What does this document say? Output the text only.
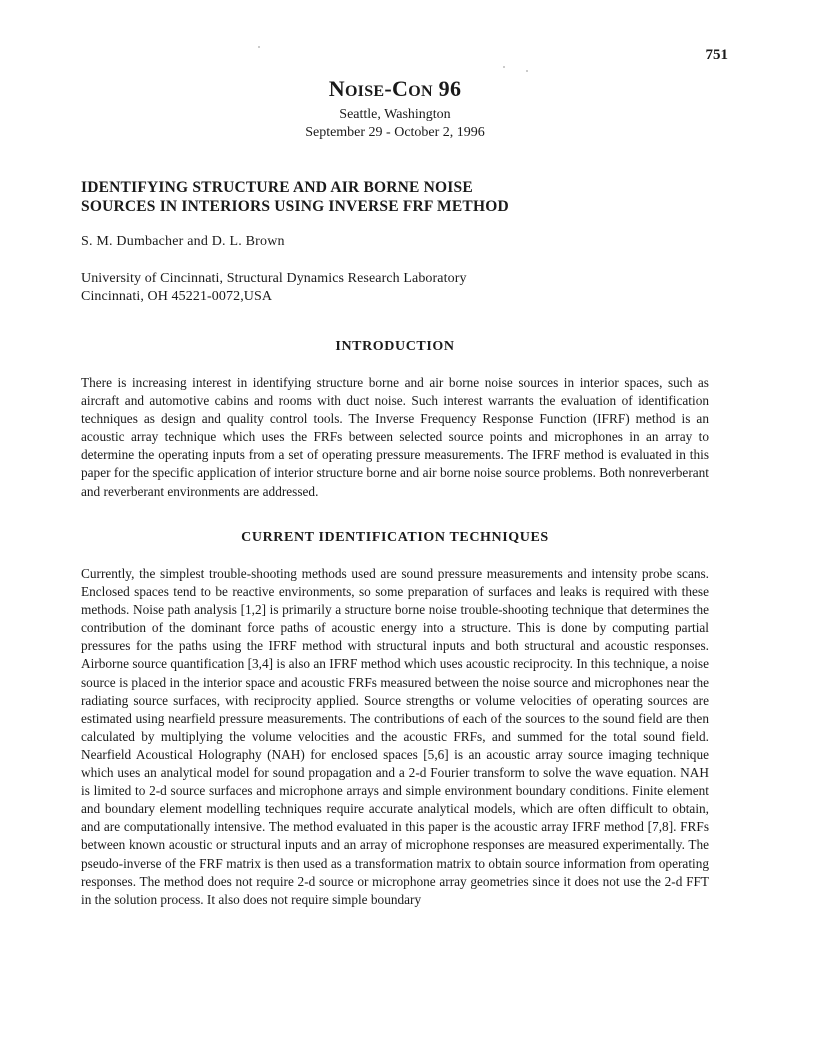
751
NOISE-CON 96
Seattle, Washington
September 29 - October 2, 1996
IDENTIFYING STRUCTURE AND AIR BORNE NOISE
SOURCES IN INTERIORS USING INVERSE FRF METHOD
S. M. Dumbacher and D. L. Brown
University of Cincinnati, Structural Dynamics Research Laboratory
Cincinnati, OH 45221-0072,USA
INTRODUCTION
There is increasing interest in identifying structure borne and air borne noise sources in interior spaces, such as aircraft and automotive cabins and rooms with duct noise. Such interest warrants the evaluation of identification techniques as design and quality control tools. The Inverse Frequency Response Function (IFRF) method is an acoustic array technique which uses the FRFs between selected source points and microphones in an array to determine the operating inputs from a set of operating pressure measurements. The IFRF method is evaluated in this paper for the specific application of interior structure borne and air borne noise source problems. Both nonreverberant and reverberant environments are addressed.
CURRENT IDENTIFICATION TECHNIQUES
Currently, the simplest trouble-shooting methods used are sound pressure measurements and intensity probe scans. Enclosed spaces tend to be reactive environments, so some preparation of surfaces and leaks is required with these methods. Noise path analysis [1,2] is primarily a structure borne noise trouble-shooting technique that determines the contribution of the dominant force paths of acoustic energy into a structure. This is done by computing partial pressures for the paths using the IFRF method with structural inputs and both structural and acoustic responses. Airborne source quantification [3,4] is also an IFRF method which uses acoustic reciprocity. In this technique, a noise source is placed in the interior space and acoustic FRFs measured between the noise source and microphones near the radiating source surfaces, with reciprocity applied. Source strengths or volume velocities of operating sources are estimated using nearfield pressure measurements. The contributions of each of the sources to the sound field are then calculated by multiplying the volume velocities and the acoustic FRFs, and summed for the total sound field. Nearfield Acoustical Holography (NAH) for enclosed spaces [5,6] is an acoustic array source imaging technique which uses an analytical model for sound propagation and a 2-d Fourier transform to solve the wave equation. NAH is limited to 2-d source surfaces and microphone arrays and simple environment boundary conditions. Finite element and boundary element modelling techniques require accurate analytical models, which are often difficult to obtain, and are computationally intensive. The method evaluated in this paper is the acoustic array IFRF method [7,8]. FRFs between known acoustic or structural inputs and an array of microphone responses are measured experimentally. The pseudo-inverse of the FRF matrix is then used as a transformation matrix to obtain source information from operating responses. The method does not require 2-d source or microphone array geometries since it does not use the 2-d FFT in the solution process. It also does not require simple boundary
